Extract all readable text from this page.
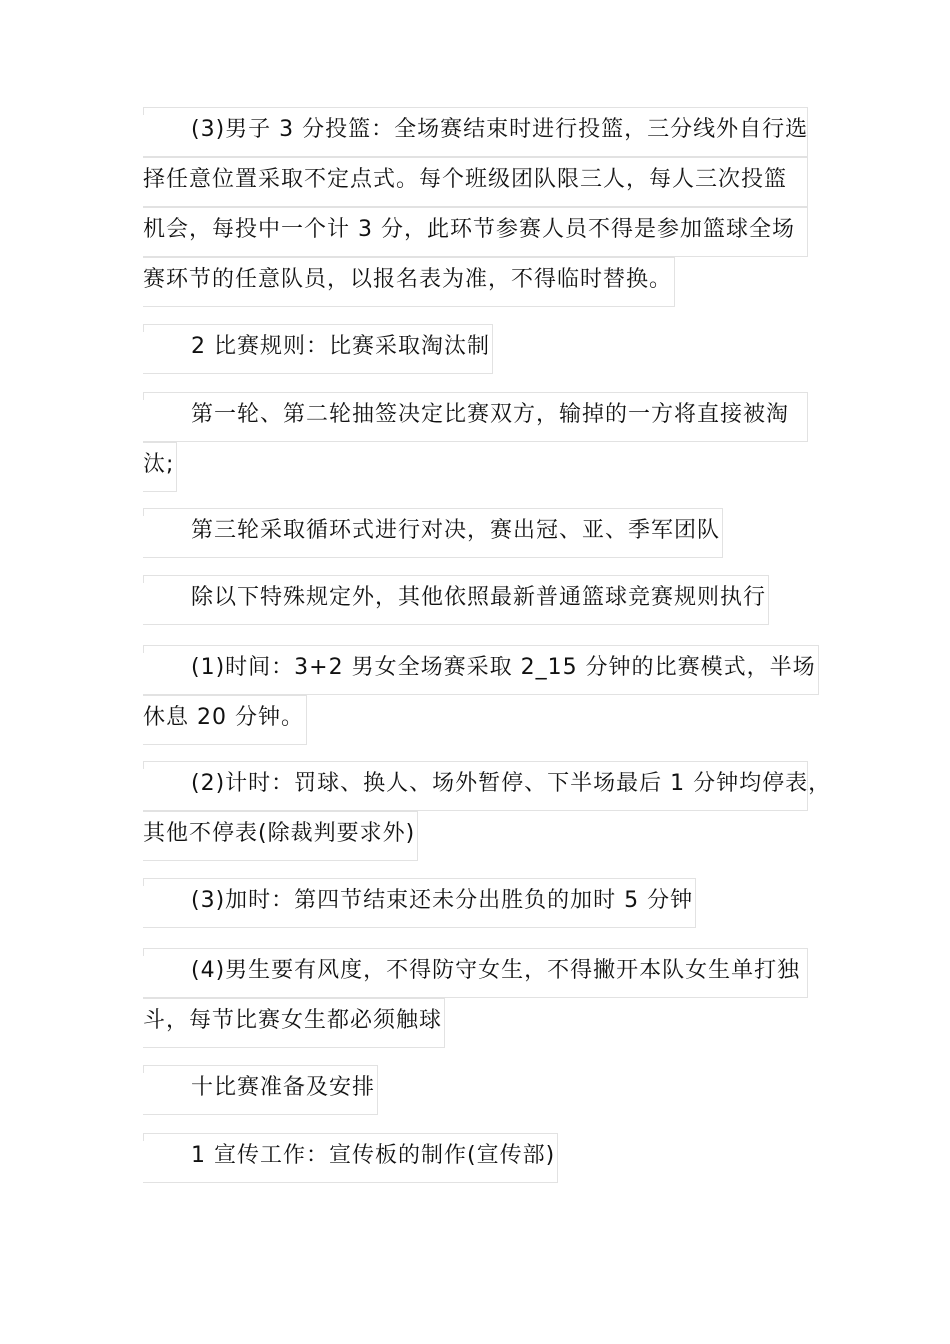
(3)男子 3 分投篮：全场赛结束时进行投篮，三分线外自行选
择任意位置采取不定点式。每个班级团队限三人，每人三次投篮
机会，每投中一个计 3 分，此环节参赛人员不得是参加篮球全场
赛环节的任意队员，以报名表为准，不得临时替换。
2 比赛规则：比赛采取淘汰制
第一轮、第二轮抽签决定比赛双方，输掉的一方将直接被淘
汰;
第三轮采取循环式进行对决，赛出冠、亚、季军团队
除以下特殊规定外，其他依照最新普通篮球竞赛规则执行
(1)时间：3+2 男女全场赛采取 2_15 分钟的比赛模式，半场
休息 20 分钟。
(2)计时：罚球、换人、场外暂停、下半场最后 1 分钟均停表，
其他不停表(除裁判要求外)
(3)加时：第四节结束还未分出胜负的加时 5 分钟
(4)男生要有风度，不得防守女生，不得撇开本队女生单打独
斗，每节比赛女生都必须触球
十比赛准备及安排
1 宣传工作：宣传板的制作(宣传部)
